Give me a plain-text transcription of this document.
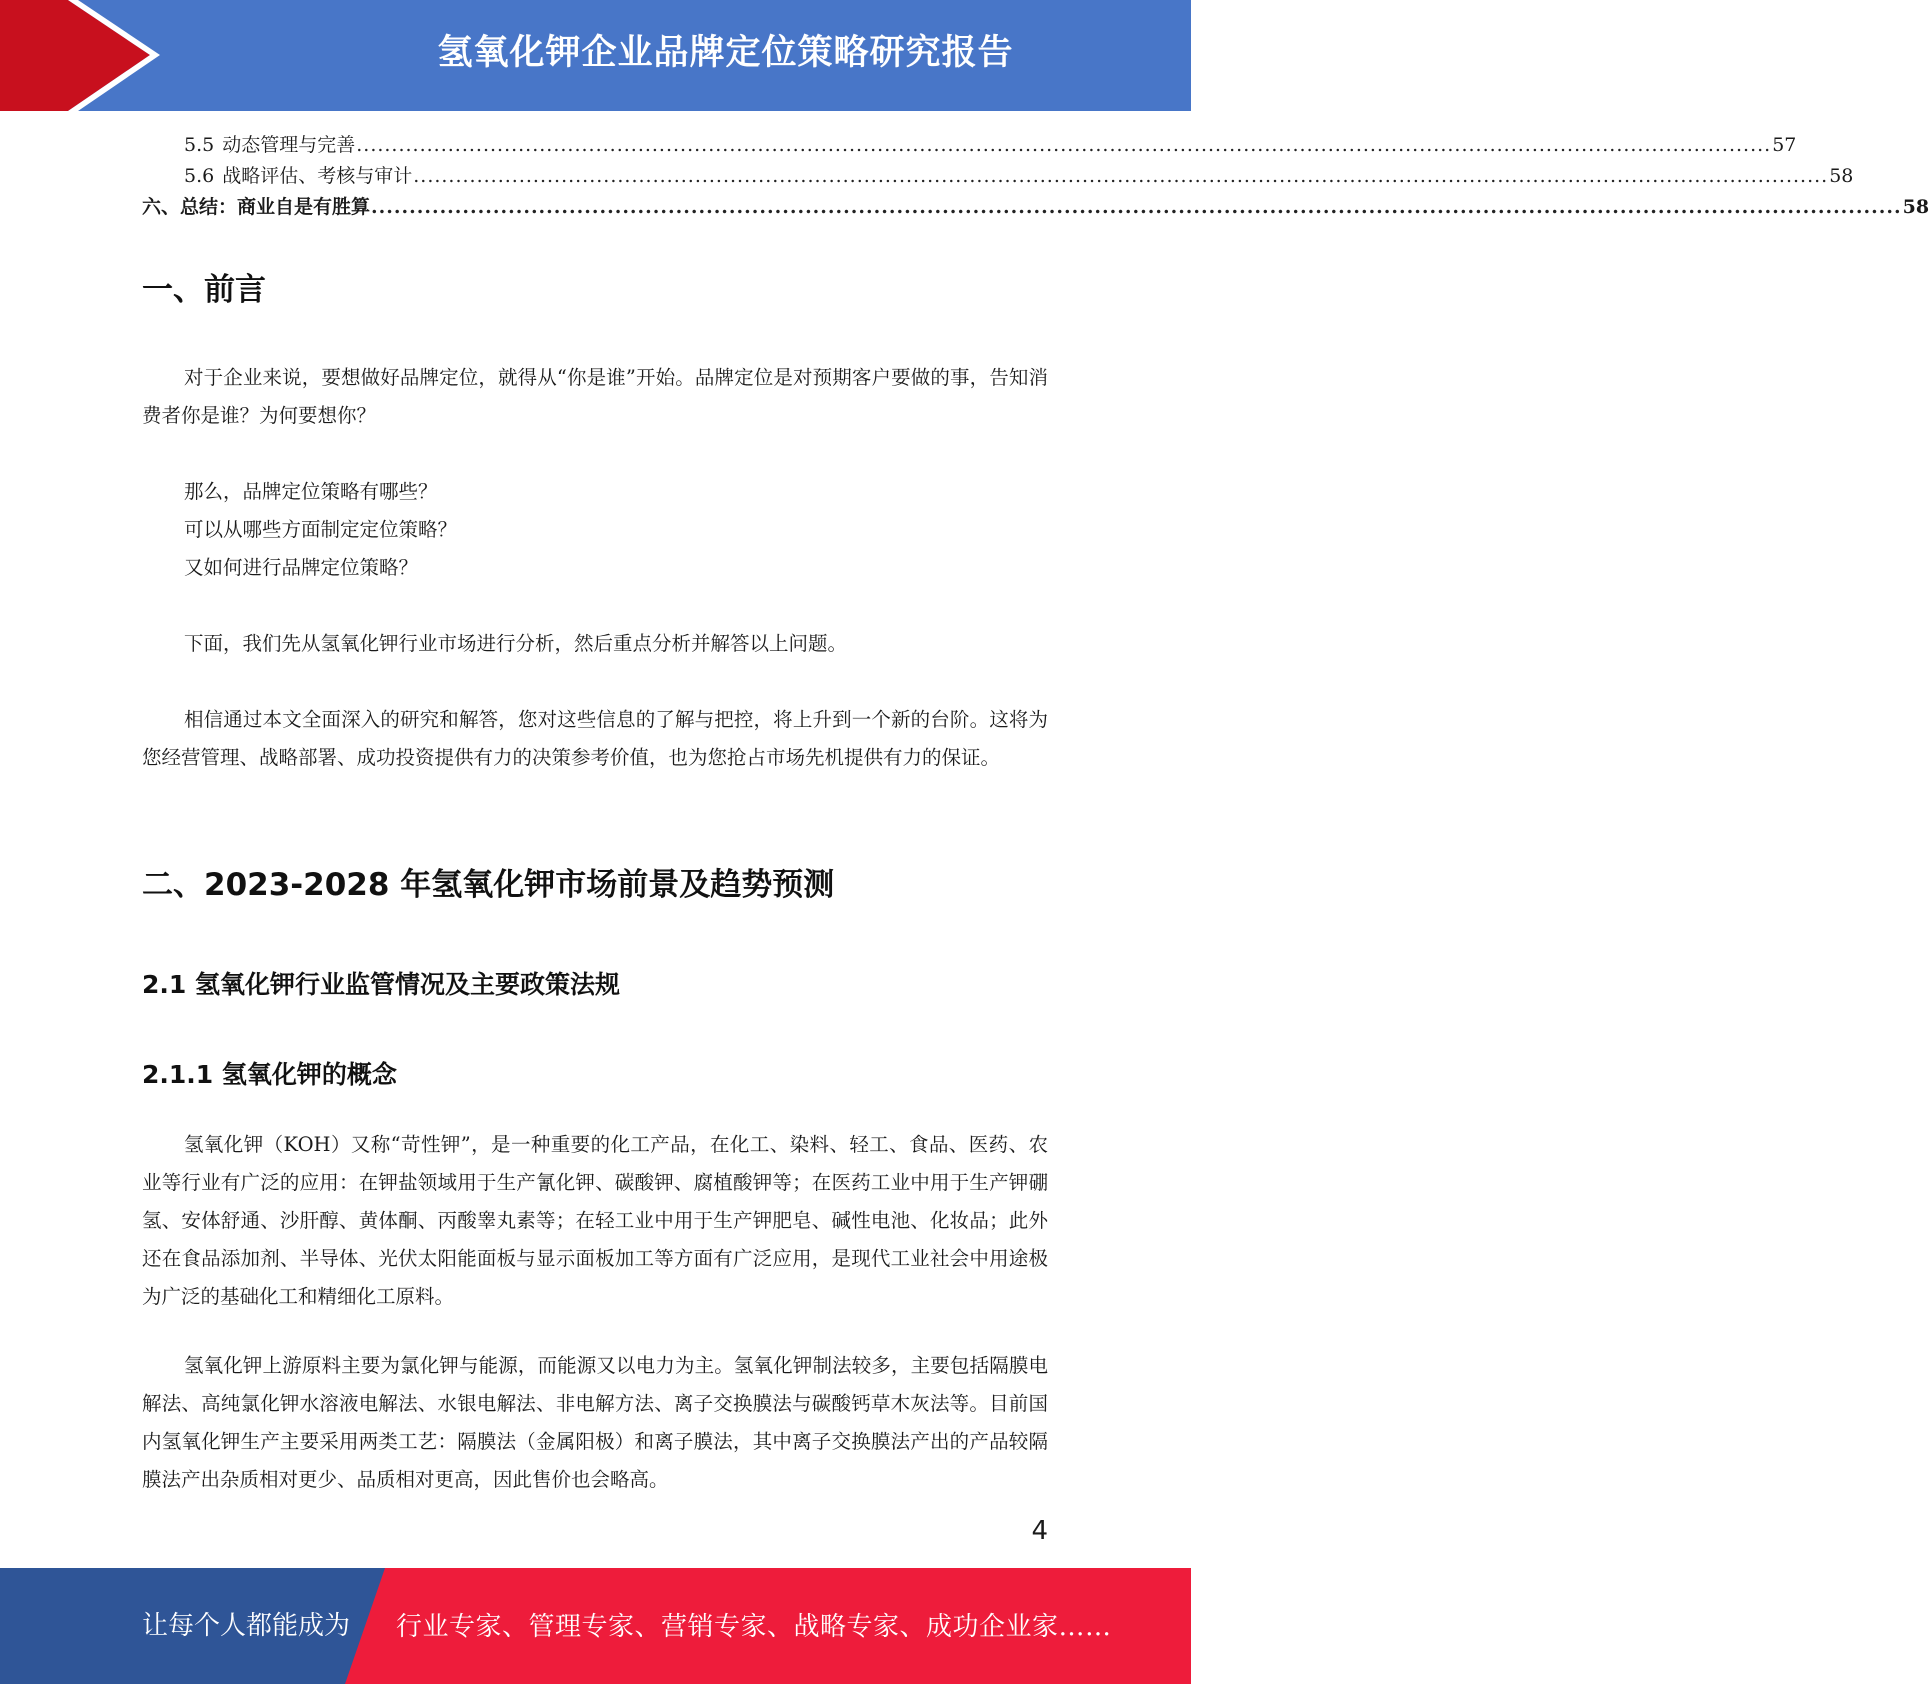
氢氧化钾企业品牌定位策略研究报告
5.5 动态管理与完善 ......................................................................................................................................................................................................... 57
5.6 战略评估、考核与审计 ......................................................................................................................................................................................................... 58
六、 总结：商业自是有胜算 ......................................................................................................................................................................................................... 58
一、前言

对于企业来说，要想做好品牌定位，就得从“你是谁”开始。品牌定位是对预期客户要做的事，告知消费者你是谁？为何要想你？

那么，品牌定位策略有哪些？
可以从哪些方面制定定位策略？
又如何进行品牌定位策略？

下面，我们先从氢氧化钾行业市场进行分析，然后重点分析并解答以上问题。

相信通过本文全面深入的研究和解答，您对这些信息的了解与把控，将上升到一个新的台阶。这将为您经营管理、战略部署、成功投资提供有力的决策参考价值，也为您抢占市场先机提供有力的保证。

二、2023-2028 年氢氧化钾市场前景及趋势预测
2.1 氢氧化钾行业监管情况及主要政策法规
2.1.1 氢氧化钾的概念

氢氧化钾（KOH）又称“苛性钾”，是一种重要的化工产品，在化工、染料、轻工、食品、医药、农业等行业有广泛的应用：在钾盐领域用于生产氰化钾、碳酸钾、腐植酸钾等；在医药工业中用于生产钾硼氢、安体舒通、沙肝醇、黄体酮、丙酸睾丸素等；在轻工业中用于生产钾肥皂、碱性电池、化妆品；此外还在食品添加剂、半导体、光伏太阳能面板与显示面板加工等方面有广泛应用，是现代工业社会中用途极为广泛的基础化工和精细化工原料。

氢氧化钾上游原料主要为氯化钾与能源，而能源又以电力为主。氢氧化钾制法较多，主要包括隔膜电解法、高纯氯化钾水溶液电解法、水银电解法、非电解方法、离子交换膜法与碳酸钙草木灰法等。目前国内氢氧化钾生产主要采用两类工艺：隔膜法（金属阳极）和离子膜法，其中离子交换膜法产出的产品较隔膜法产出杂质相对更少、品质相对更高，因此售价也会略高。

4
让每个人都能成为 行业专家、管理专家、营销专家、战略专家、成功企业家……
